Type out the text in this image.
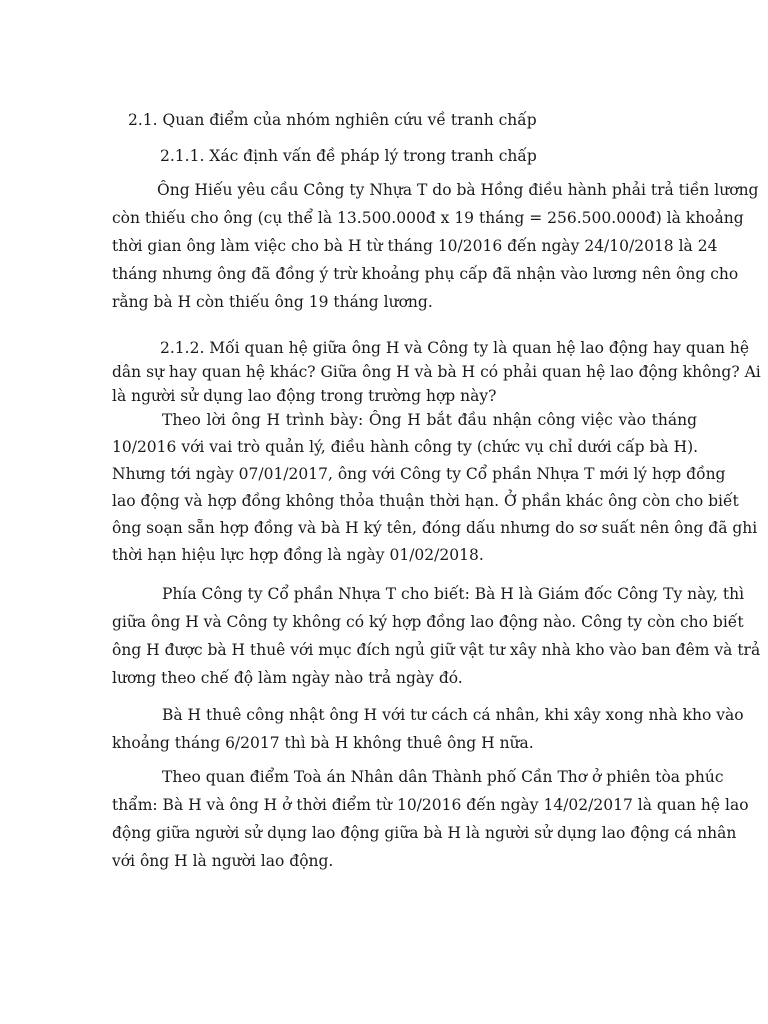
2.1. Quan điểm của nhóm nghiên cứu về tranh chấp
2.1.1. Xác định vấn đề pháp lý trong tranh chấp
Ông Hiếu yêu cầu Công ty Nhựa T do bà Hồng điều hành phải trả tiền lương
còn thiếu cho ông (cụ thể là 13.500.000đ x 19 tháng = 256.500.000đ) là khoảng
thời gian ông làm việc cho bà H từ tháng 10/2016 đến ngày 24/10/2018 là 24
tháng nhưng ông đã đồng ý trừ khoảng phụ cấp đã nhận vào lương nên ông cho
rằng bà H còn thiếu ông 19 tháng lương.
2.1.2. Mối quan hệ giữa ông H và Công ty là quan hệ lao động hay quan hệ
dân sự hay quan hệ khác? Giữa ông H và bà H có phải quan hệ lao động không? Ai
là người sử dụng lao động trong trường hợp này?
Theo lời ông H trình bày: Ông H bắt đầu nhận công việc vào tháng
10/2016 với vai trò quản lý, điều hành công ty (chức vụ chỉ dưới cấp bà H).
Nhưng tới ngày 07/01/2017, ông với Công ty Cổ phần Nhựa T mới lý hợp đồng
lao động và hợp đồng không thỏa thuận thời hạn. Ở phần khác ông còn cho biết
ông soạn sẵn hợp đồng và bà H ký tên, đóng dấu nhưng do sơ suất nên ông đã ghi
thời hạn hiệu lực hợp đồng là ngày 01/02/2018.
Phía Công ty Cổ phần Nhựa T cho biết: Bà H là Giám đốc Công Ty này, thì
giữa ông H và Công ty không có ký hợp đồng lao động nào. Công ty còn cho biết
ông H được bà H thuê với mục đích ngủ giữ vật tư xây nhà kho vào ban đêm và trả
lương theo chế độ làm ngày nào trả ngày đó.
Bà H thuê công nhật ông H với tư cách cá nhân, khi xây xong nhà kho vào
khoảng tháng 6/2017 thì bà H không thuê ông H nữa.
Theo quan điểm Toà án Nhân dân Thành phố Cần Thơ ở phiên tòa phúc
thẩm: Bà H và ông H ở thời điểm từ 10/2016 đến ngày 14/02/2017 là quan hệ lao
động giữa người sử dụng lao động giữa bà H là người sử dụng lao động cá nhân
với ông H là người lao động.
